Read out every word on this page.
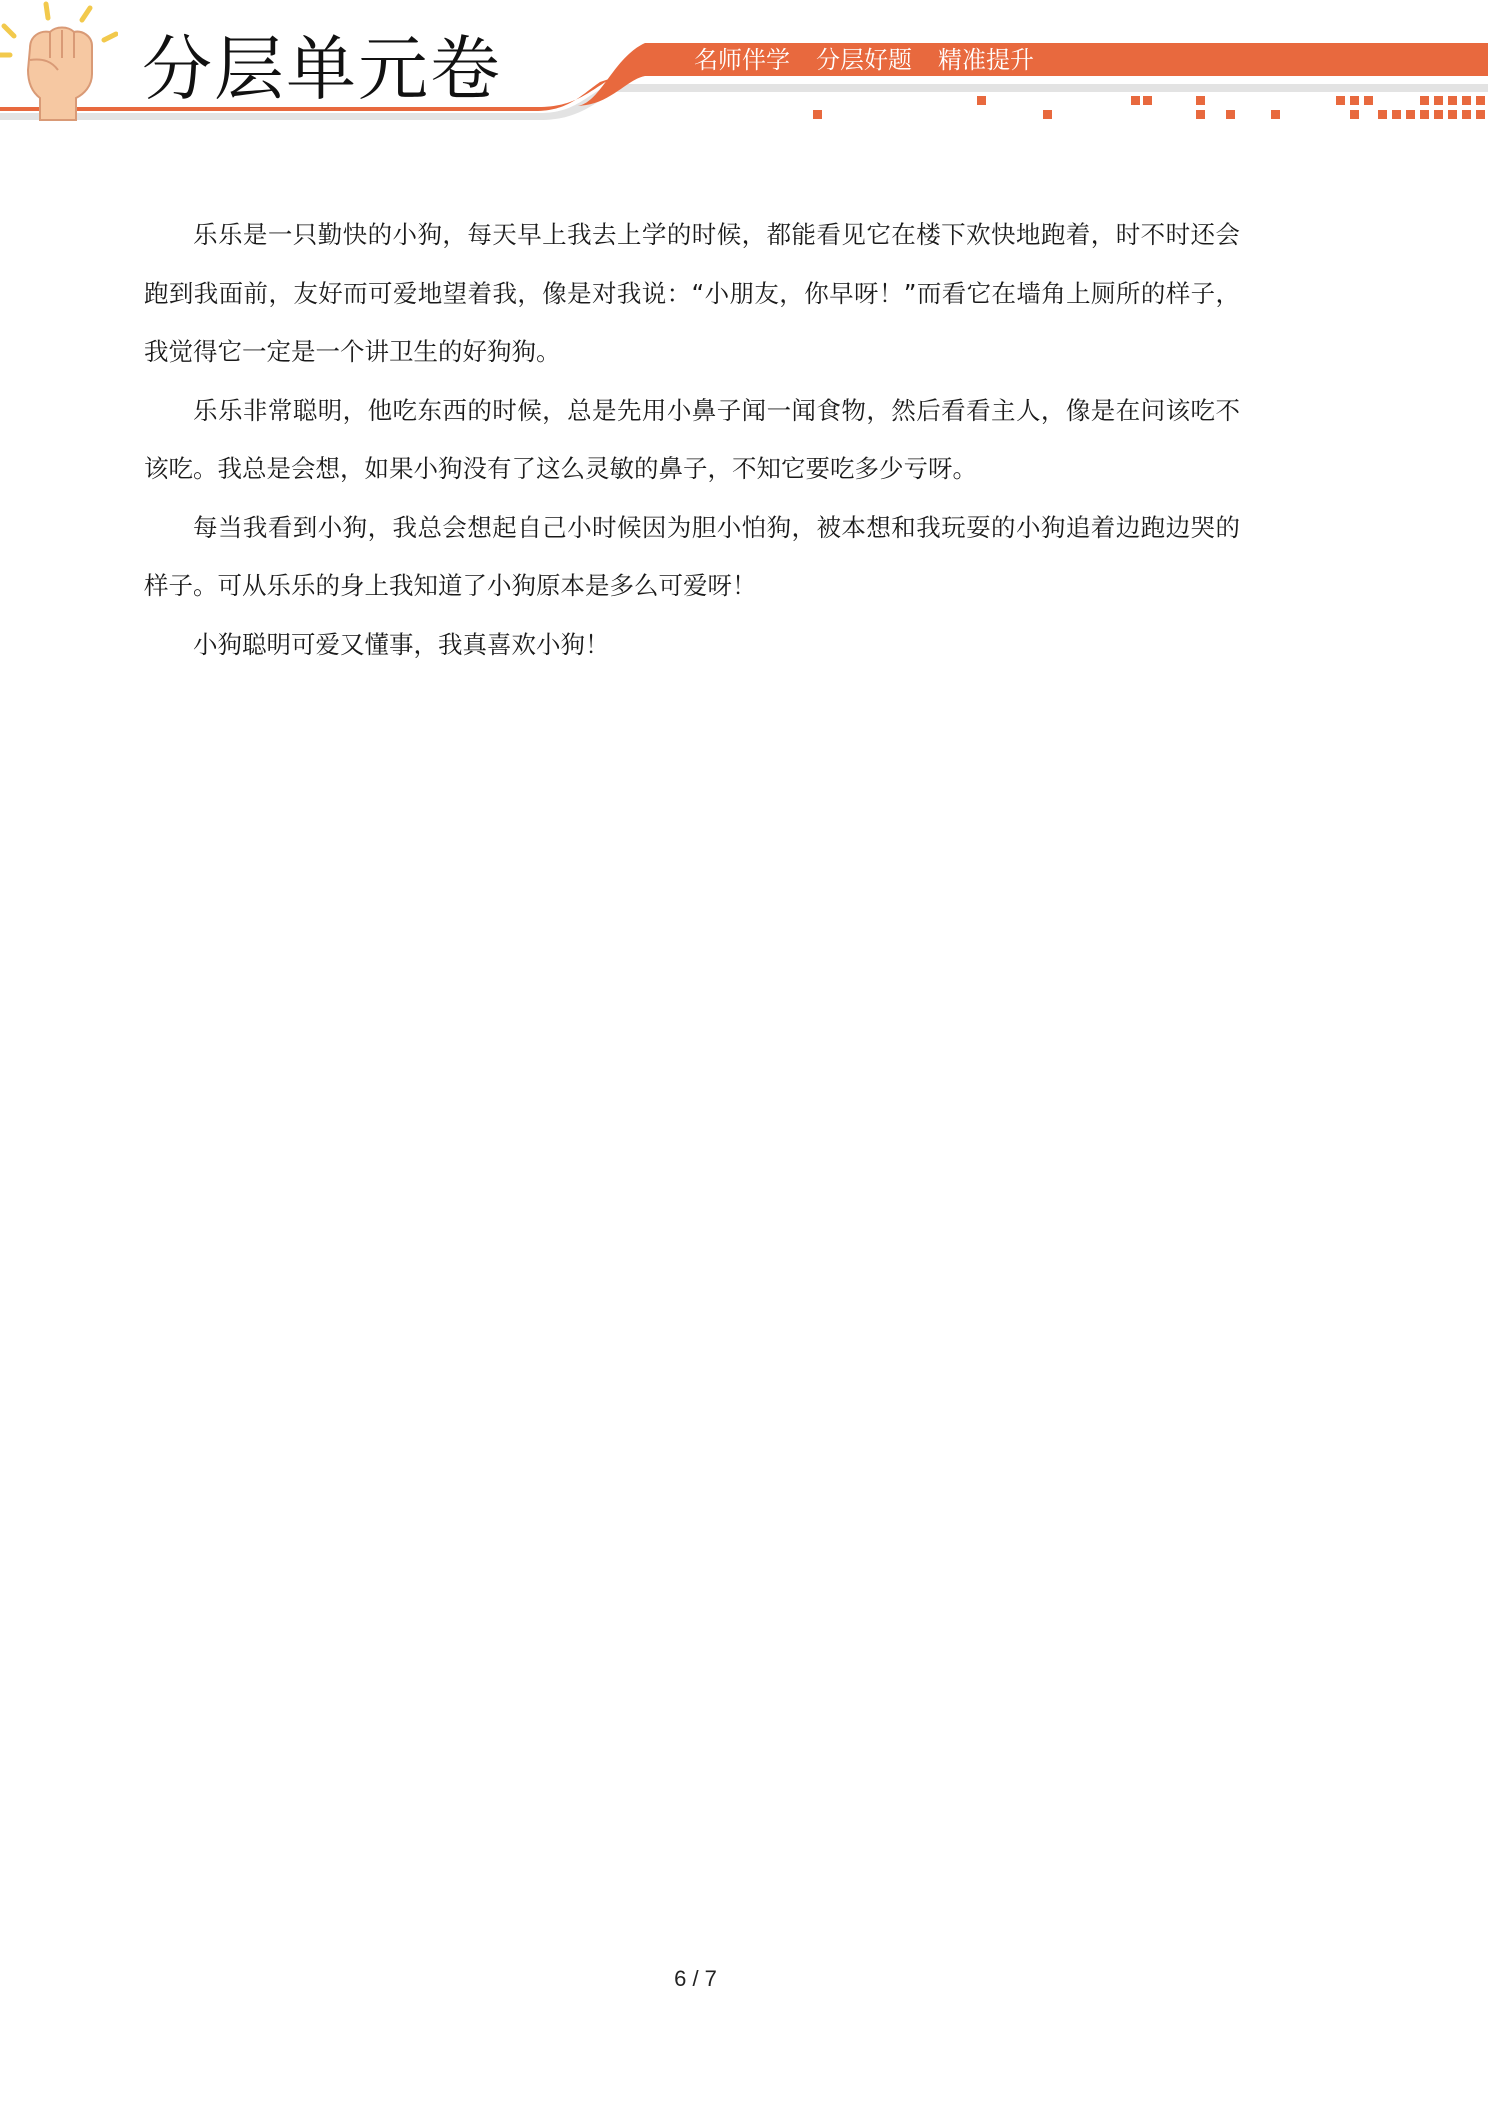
分层单元卷	名师伴学 分层好题 精准提升

乐乐是一只勤快的小狗，每天早上我去上学的时候，都能看见它在楼下欢快地跑着，时不时还会跑到我面前，友好而可爱地望着我，像是对我说：“小朋友，你早呀！”而看它在墙角上厕所的样子，我觉得它一定是一个讲卫生的好狗狗。

乐乐非常聪明，他吃东西的时候，总是先用小鼻子闻一闻食物，然后看看主人，像是在问该吃不该吃。我总是会想，如果小狗没有了这么灵敏的鼻子，不知它要吃多少亏呀。

每当我看到小狗，我总会想起自己小时候因为胆小怕狗，被本想和我玩耍的小狗追着边跑边哭的样子。可从乐乐的身上我知道了小狗原本是多么可爱呀！

小狗聪明可爱又懂事，我真喜欢小狗！

6 / 7
